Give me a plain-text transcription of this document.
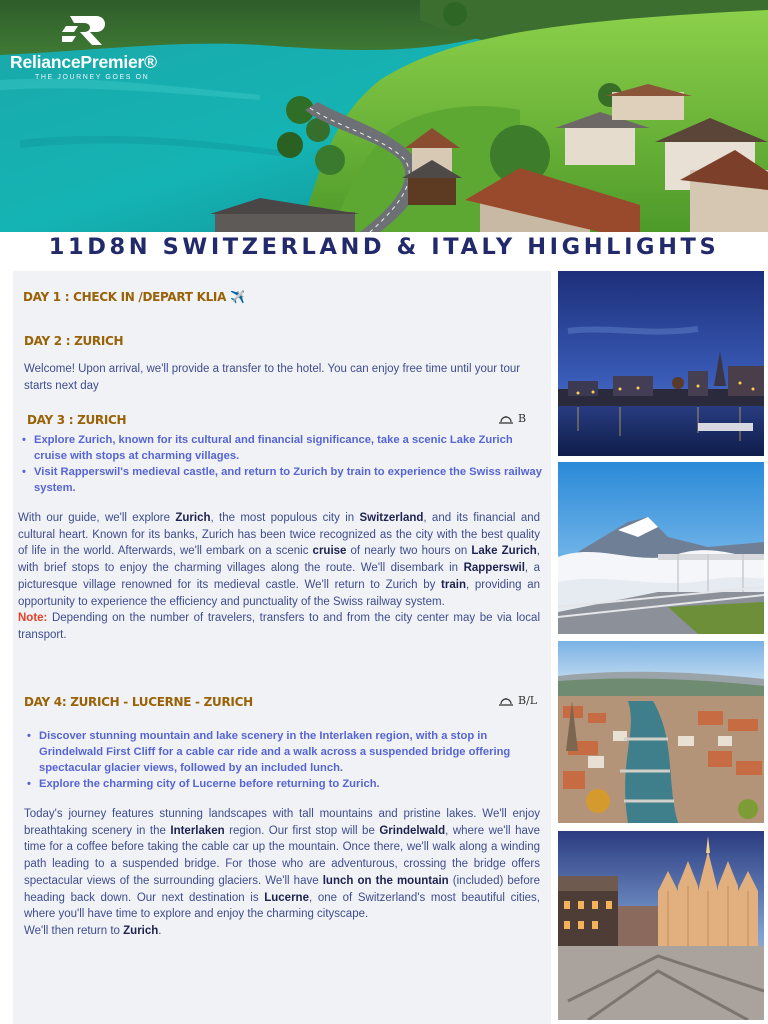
ReliancePremier®
THE JOURNEY GOES ON
11D8N SWITZERLAND & ITALY HIGHLIGHTS
DAY 1 : CHECK IN /DEPART KLIA ✈️
DAY 2 : ZURICH
Welcome! Upon arrival, we'll provide a transfer to the hotel. You can enjoy free time until your tour starts next day
DAY 3 : ZURICH	B
• Explore Zurich, known for its cultural and financial significance, take a scenic Lake Zurich cruise with stops at charming villages.
• Visit Rapperswil's medieval castle, and return to Zurich by train to experience the Swiss railway system.
With our guide, we'll explore Zurich, the most populous city in Switzerland, and its financial and cultural heart. Known for its banks, Zurich has been twice recognized as the city with the best quality of life in the world. Afterwards, we'll embark on a scenic cruise of nearly two hours on Lake Zurich, with brief stops to enjoy the charming villages along the route. We'll disembark in Rapperswil, a picturesque village renowned for its medieval castle. We'll return to Zurich by train, providing an opportunity to experience the efficiency and punctuality of the Swiss railway system.
Note: Depending on the number of travelers, transfers to and from the city center may be via local transport.
DAY 4: ZURICH - LUCERNE - ZURICH	B/L
• Discover stunning mountain and lake scenery in the Interlaken region, with a stop in Grindelwald First Cliff for a cable car ride and a walk across a suspended bridge offering spectacular glacier views, followed by an included lunch.
• Explore the charming city of Lucerne before returning to Zurich.
Today's journey features stunning landscapes with tall mountains and pristine lakes. We'll enjoy breathtaking scenery in the Interlaken region. Our first stop will be Grindelwald, where we'll have time for a coffee before taking the cable car up the mountain. Once there, we'll walk along a winding path leading to a suspended bridge. For those who are adventurous, crossing the bridge offers spectacular views of the surrounding glaciers. We'll have lunch on the mountain (included) before heading back down. Our next destination is Lucerne, one of Switzerland's most beautiful cities, where you'll have time to explore and enjoy the charming cityscape.
We'll then return to Zurich.
